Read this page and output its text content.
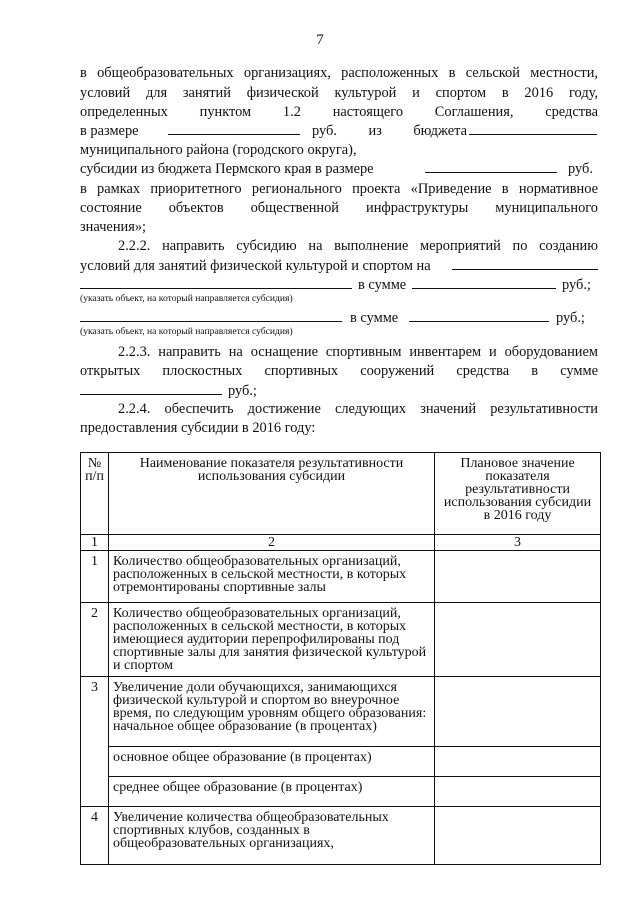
7
в общеобразовательных организациях, расположенных в сельской местности,
условий для занятий физической культурой и спортом в 2016 году,
определенных пунктом 1.2 настоящего Соглашения, средства
в размере	руб. из бюджета
муниципального района (городского округа),
субсидии из бюджета Пермского края в размере	руб.
в рамках приоритетного регионального проекта «Приведение в нормативное
состояние объектов общественной инфраструктуры муниципального
значения»;
2.2.2. направить субсидию на выполнение мероприятий по созданию
условий для занятий физической культурой и спортом на
в сумме	руб.;
(указать объект, на который направляется субсидия)
в сумме	руб.;
(указать объект, на который направляется субсидия)
2.2.3. направить на оснащение спортивным инвентарем и оборудованием
открытых плоскостных спортивных сооружений средства в сумме
руб.;
2.2.4. обеспечить достижение следующих значений результативности
предоставления субсидии в 2016 году:
№ п/п	Наименование показателя результативности использования субсидии	Плановое значение показателя результативности использования субсидии в 2016 году
1	2	3
1	Количество общеобразовательных организаций, расположенных в сельской местности, в которых отремонтированы спортивные залы	
2	Количество общеобразовательных организаций, расположенных в сельской местности, в которых имеющиеся аудитории перепрофилированы под спортивные залы для занятия физической культурой и спортом	
3	Увеличение доли обучающихся, занимающихся физической культурой и спортом во внеурочное время, по следующим уровням общего образования:
начальное общее образование (в процентах)	

	основное общее образование (в процентах)	
	среднее общее образование (в процентах)	
4	Увеличение количества общеобразовательных спортивных клубов, созданных в общеобразовательных организациях,	
